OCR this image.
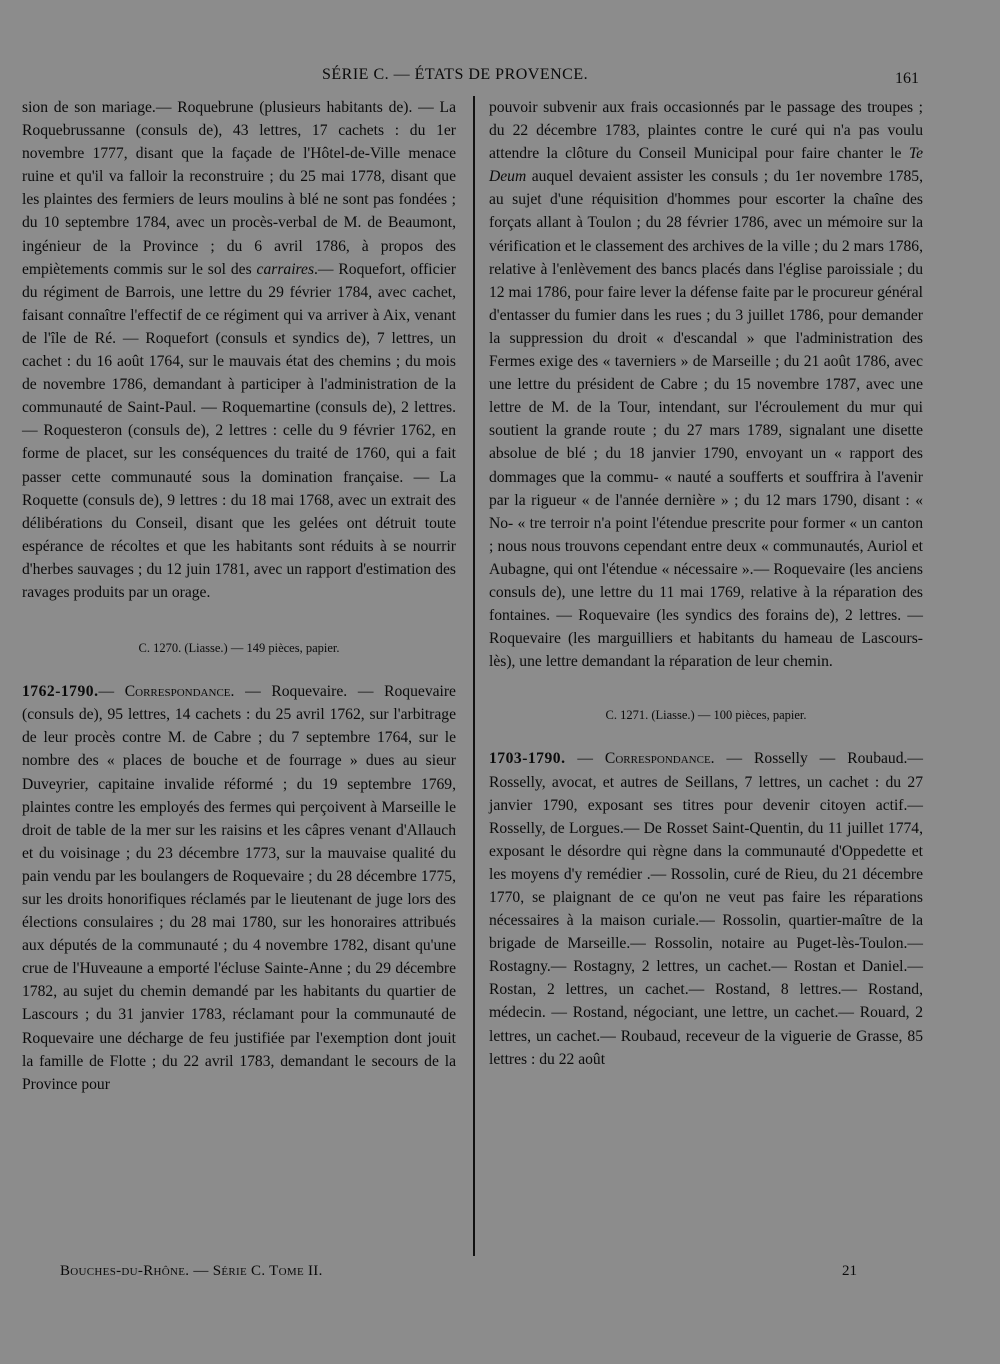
SÉRIE C. — ÉTATS DE PROVENCE.	161

sion de son mariage.— Roquebrune (plusieurs habitants de). — La Roquebrussanne (consuls de), 43 lettres, 17 cachets : du 1er novembre 1777, disant que la façade de l'Hôtel-de-Ville menace ruine et qu'il va falloir la reconstruire ; du 25 mai 1778, disant que les plaintes des fermiers de leurs moulins à blé ne sont pas fondées ; du 10 septembre 1784, avec un procès-verbal de M. de Beaumont, ingénieur de la Province ; du 6 avril 1786, à propos des empiètements commis sur le sol des carraires.— Roquefort, officier du régiment de Barrois, une lettre du 29 février 1784, avec cachet, faisant connaître l'effectif de ce régiment qui va arriver à Aix, venant de l'île de Ré. — Roquefort (consuls et syndics de), 7 lettres, un cachet : du 16 août 1764, sur le mauvais état des chemins ; du mois de novembre 1786, demandant à participer à l'administration de la communauté de Saint-Paul. — Roquemartine (consuls de), 2 lettres. — Roquesteron (consuls de), 2 lettres : celle du 9 février 1762, en forme de placet, sur les conséquences du traité de 1760, qui a fait passer cette communauté sous la domination française. — La Roquette (consuls de), 9 lettres : du 18 mai 1768, avec un extrait des délibérations du Conseil, disant que les gelées ont détruit toute espérance de récoltes et que les habitants sont réduits à se nourrir d'herbes sauvages ; du 12 juin 1781, avec un rapport d'estimation des ravages produits par un orage.

C. 1270. (Liasse.) — 149 pièces, papier.

1762-1790.— Correspondance. — Roquevaire. — Roquevaire (consuls de), 95 lettres, 14 cachets : du 25 avril 1762, sur l'arbitrage de leur procès contre M. de Cabre ; du 7 septembre 1764, sur le nombre des « places de bouche et de fourrage » dues au sieur Duveyrier, capitaine invalide réformé ; du 19 septembre 1769, plaintes contre les employés des fermes qui perçoivent à Marseille le droit de table de la mer sur les raisins et les câpres venant d'Allauch et du voisinage ; du 23 décembre 1773, sur la mauvaise qualité du pain vendu par les boulangers de Roquevaire ; du 28 décembre 1775, sur les droits honorifiques réclamés par le lieutenant de juge lors des élections consulaires ; du 28 mai 1780, sur les honoraires attribués aux députés de la communauté ; du 4 novembre 1782, disant qu'une crue de l'Huveaune a emporté l'écluse Sainte-Anne ; du 29 décembre 1782, au sujet du chemin demandé par les habitants du quartier de Lascours ; du 31 janvier 1783, réclamant pour la communauté de Roquevaire une décharge de feu justifiée par l'exemption dont jouit la famille de Flotte ; du 22 avril 1783, demandant le secours de la Province pour

pouvoir subvenir aux frais occasionnés par le passage des troupes ; du 22 décembre 1783, plaintes contre le curé qui n'a pas voulu attendre la clôture du Conseil Municipal pour faire chanter le Te Deum auquel devaient assister les consuls ; du 1er novembre 1785, au sujet d'une réquisition d'hommes pour escorter la chaîne des forçats allant à Toulon ; du 28 février 1786, avec un mémoire sur la vérification et le classement des archives de la ville ; du 2 mars 1786, relative à l'enlèvement des bancs placés dans l'église paroissiale ; du 12 mai 1786, pour faire lever la défense faite par le procureur général d'entasser du fumier dans les rues ; du 3 juillet 1786, pour demander la suppression du droit « d'escandal » que l'administration des Fermes exige des « taverniers » de Marseille ; du 21 août 1786, avec une lettre du président de Cabre ; du 15 novembre 1787, avec une lettre de M. de la Tour, intendant, sur l'écroulement du mur qui soutient la grande route ; du 27 mars 1789, signalant une disette absolue de blé ; du 18 janvier 1790, envoyant un « rapport des dommages que la commu- « nauté a soufferts et souffrira à l'avenir par la rigueur « de l'année dernière » ; du 12 mars 1790, disant : « No- « tre terroir n'a point l'étendue prescrite pour former « un canton ; nous nous trouvons cependant entre deux « communautés, Auriol et Aubagne, qui ont l'étendue « nécessaire ».— Roquevaire (les anciens consuls de), une lettre du 11 mai 1769, relative à la réparation des fontaines. — Roquevaire (les syndics des forains de), 2 lettres. — Roquevaire (les marguilliers et habitants du hameau de Lascours-lès), une lettre demandant la réparation de leur chemin.

C. 1271. (Liasse.) — 100 pièces, papier.

1703-1790. — Correspondance. — Rosselly — Roubaud.— Rosselly, avocat, et autres de Seillans, 7 lettres, un cachet : du 27 janvier 1790, exposant ses titres pour devenir citoyen actif.— Rosselly, de Lorgues.— De Rosset Saint-Quentin, du 11 juillet 1774, exposant le désordre qui règne dans la communauté d'Oppedette et les moyens d'y remédier .— Rossolin, curé de Rieu, du 21 décembre 1770, se plaignant de ce qu'on ne veut pas faire les réparations nécessaires à la maison curiale.— Rossolin, quartier-maître de la brigade de Marseille.— Rossolin, notaire au Puget-lès-Toulon.— Rostagny.— Rostagny, 2 lettres, un cachet.— Rostan et Daniel.— Rostan, 2 lettres, un cachet.— Rostand, 8 lettres.— Rostand, médecin. — Rostand, négociant, une lettre, un cachet.— Rouard, 2 lettres, un cachet.— Roubaud, receveur de la viguerie de Grasse, 85 lettres : du 22 août

Bouches-du-Rhône. — Série C. Tome II.	21
